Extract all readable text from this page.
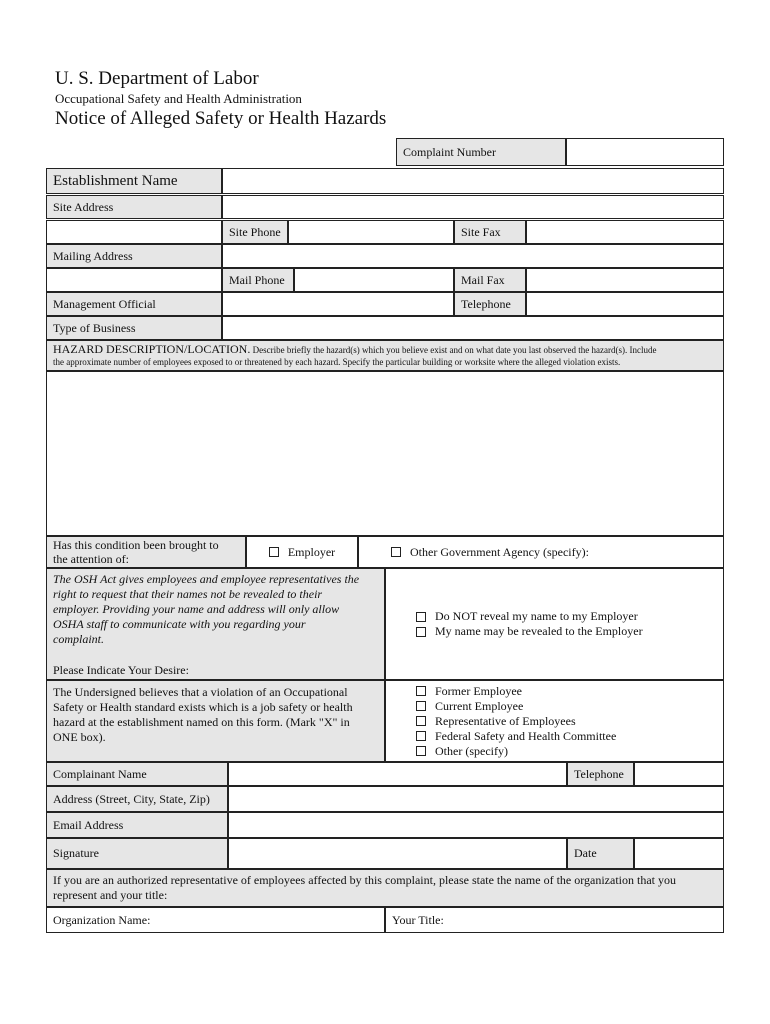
U. S. Department of Labor
Occupational Safety and Health Administration
Notice of Alleged Safety or Health Hazards
Complaint Number
Establishment Name
Site Address
Site Phone	Site Fax
Mailing Address
Mail Phone	Mail Fax
Management Official	Telephone
Type of Business
HAZARD DESCRIPTION/LOCATION. Describe briefly the hazard(s) which you believe exist and on what date you last observed the hazard(s). Include
the approximate number of employees exposed to or threatened by each hazard. Specify the particular building or worksite where the alleged violation exists.
Has this condition been brought to
the attention of:
Employer	Other Government Agency (specify):
The OSH Act gives employees and employee representatives the
right to request that their names not be revealed to their
employer. Providing your name and address will only allow
OSHA staff to communicate with you regarding your
complaint.
Please Indicate Your Desire:
Do NOT reveal my name to my Employer
My name may be revealed to the Employer
The Undersigned believes that a violation of an Occupational
Safety or Health standard exists which is a job safety or health
hazard at the establishment named on this form. (Mark "X" in
ONE box).
Former Employee
Current Employee
Representative of Employees
Federal Safety and Health Committee
Other (specify)
Complainant Name	Telephone
Address (Street, City, State, Zip)
Email Address
Signature	Date
If you are an authorized representative of employees affected by this complaint, please state the name of the organization that you
represent and your title:
Organization Name:	Your Title:
